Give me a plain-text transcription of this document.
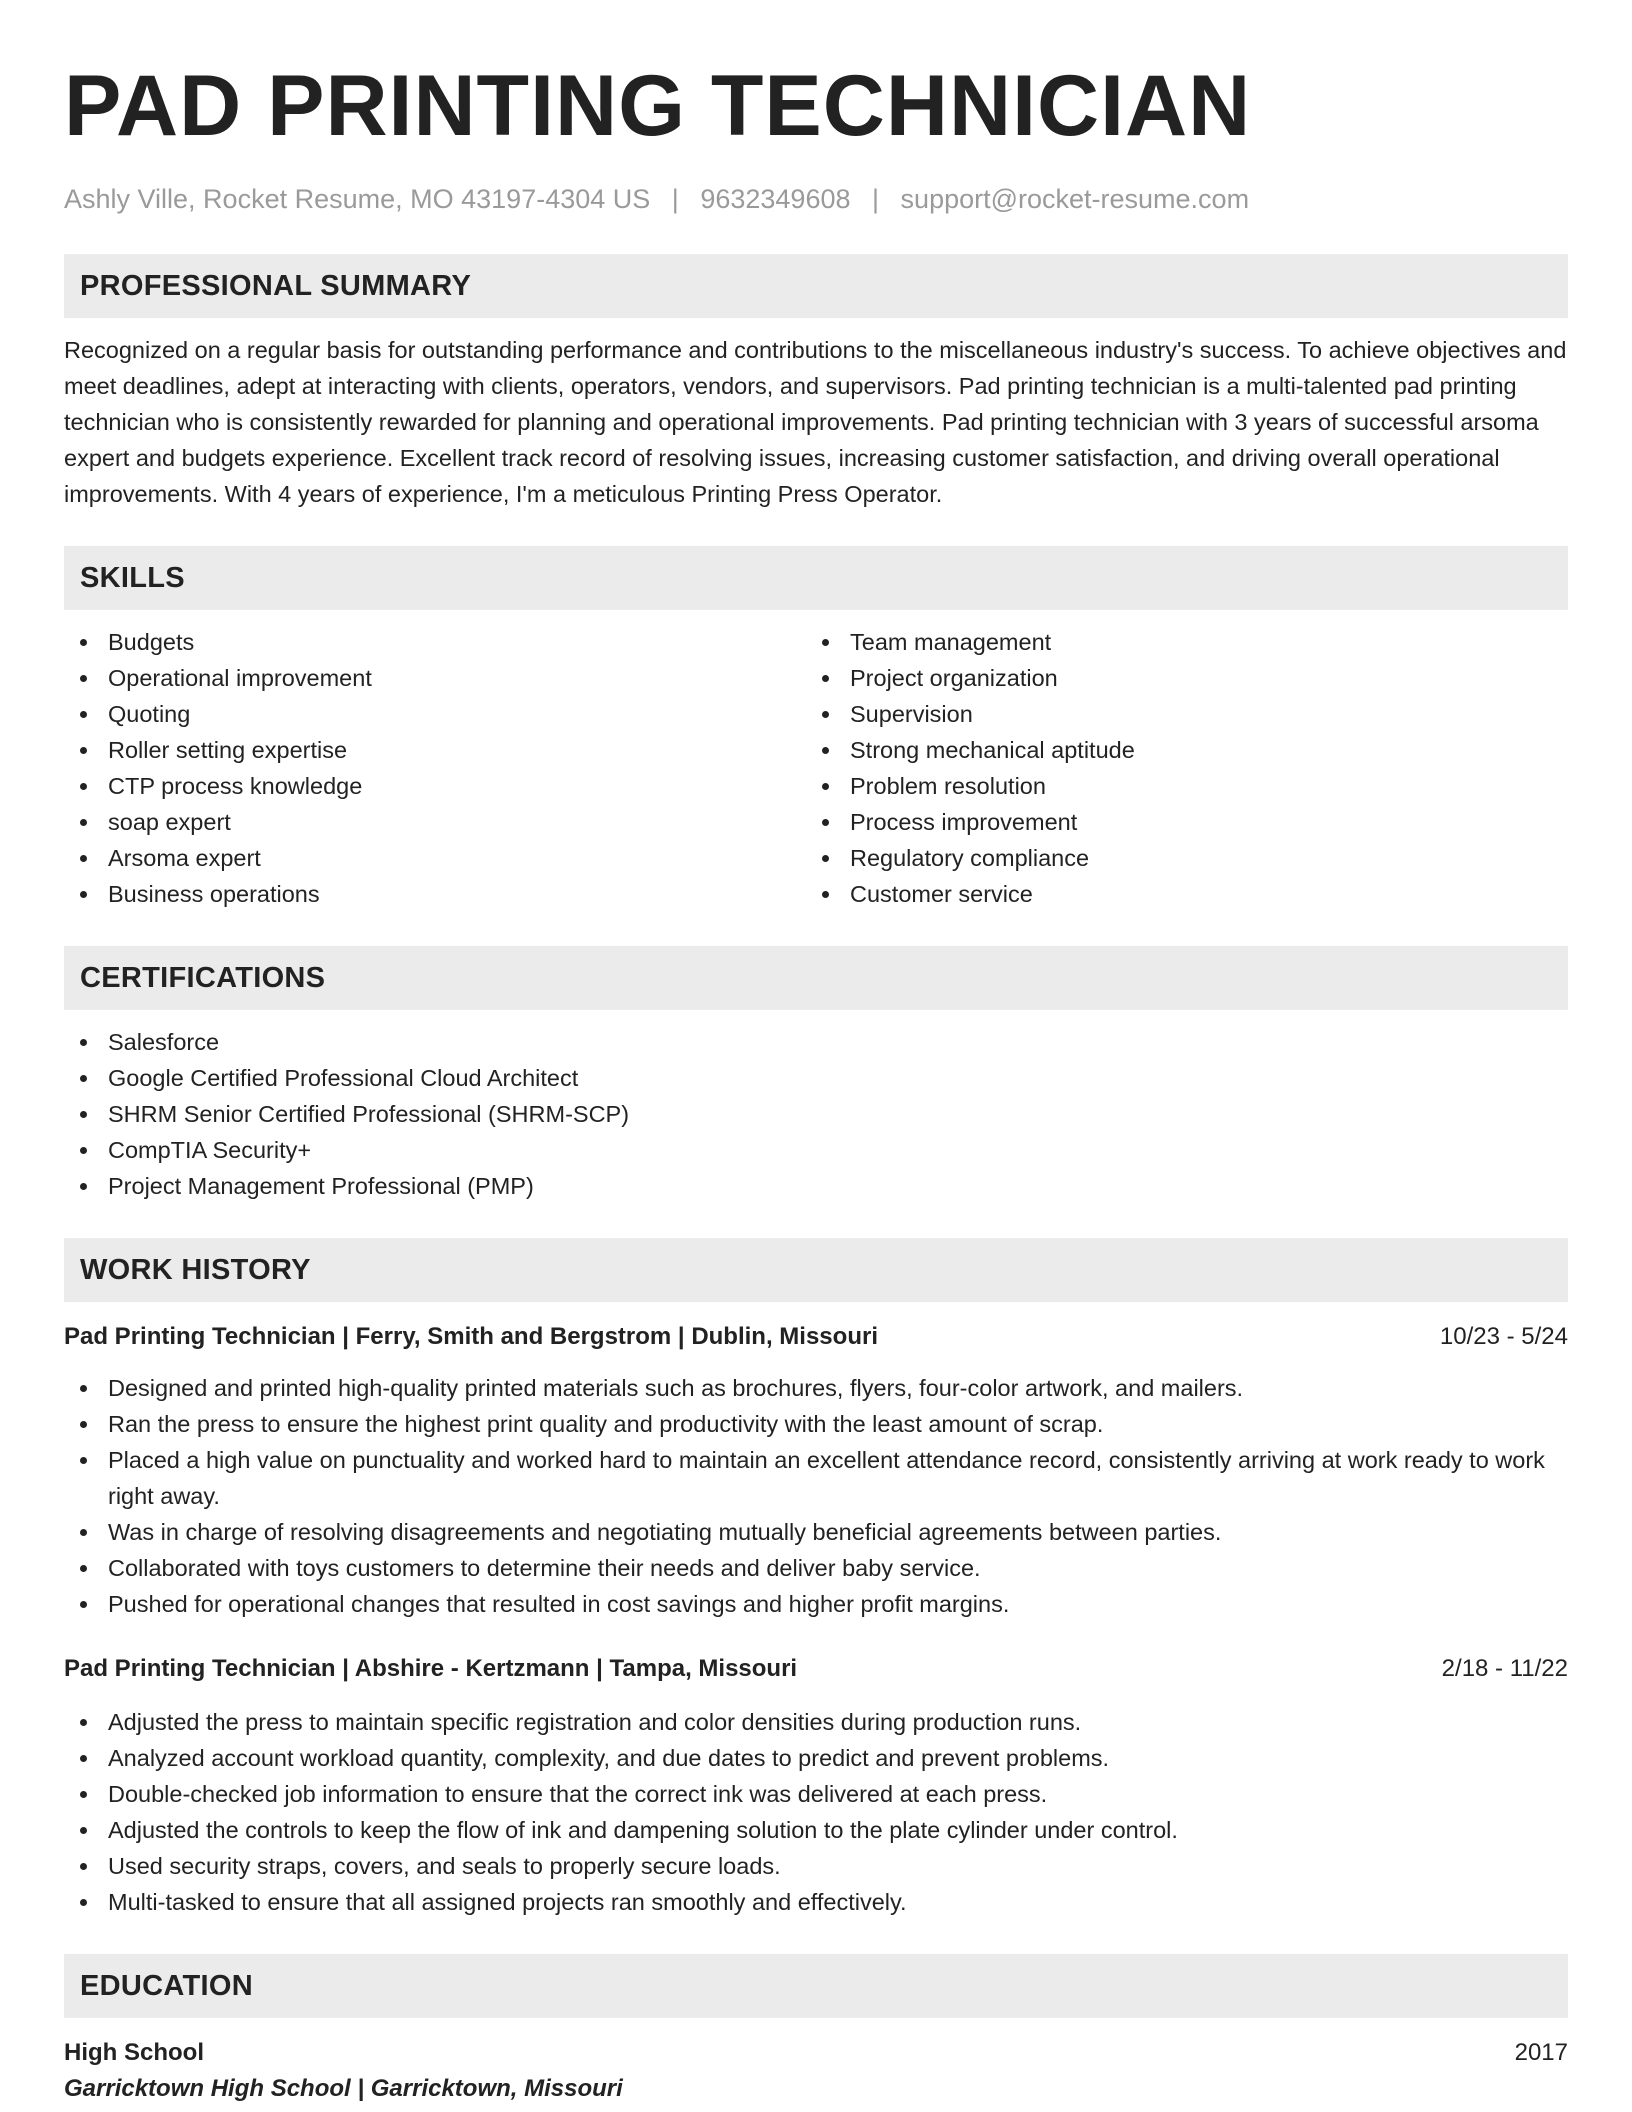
PAD PRINTING TECHNICIAN
Ashly Ville, Rocket Resume, MO 43197-4304 US | 9632349608 | support@rocket-resume.com
PROFESSIONAL SUMMARY

Recognized on a regular basis for outstanding performance and contributions to the miscellaneous industry's success. To achieve objectives and meet deadlines, adept at interacting with clients, operators, vendors, and supervisors. Pad printing technician is a multi-talented pad printing technician who is consistently rewarded for planning and operational improvements. Pad printing technician with 3 years of successful arsoma expert and budgets experience. Excellent track record of resolving issues, increasing customer satisfaction, and driving overall operational improvements. With 4 years of experience, I'm a meticulous Printing Press Operator.

SKILLS
Budgets
Operational improvement
Quoting
Roller setting expertise
CTP process knowledge
soap expert
Arsoma expert
Business operations
Team management
Project organization
Supervision
Strong mechanical aptitude
Problem resolution
Process improvement
Regulatory compliance
Customer service
CERTIFICATIONS
Salesforce
Google Certified Professional Cloud Architect
SHRM Senior Certified Professional (SHRM-SCP)
CompTIA Security+
Project Management Professional (PMP)
WORK HISTORY
Pad Printing Technician | Ferry, Smith and Bergstrom | Dublin, Missouri	10/23 - 5/24
Designed and printed high-quality printed materials such as brochures, flyers, four-color artwork, and mailers.
Ran the press to ensure the highest print quality and productivity with the least amount of scrap.
Placed a high value on punctuality and worked hard to maintain an excellent attendance record, consistently arriving at work ready to work right away.
Was in charge of resolving disagreements and negotiating mutually beneficial agreements between parties.
Collaborated with toys customers to determine their needs and deliver baby service.
Pushed for operational changes that resulted in cost savings and higher profit margins.
Pad Printing Technician | Abshire - Kertzmann | Tampa, Missouri	2/18 - 11/22
Adjusted the press to maintain specific registration and color densities during production runs.
Analyzed account workload quantity, complexity, and due dates to predict and prevent problems.
Double-checked job information to ensure that the correct ink was delivered at each press.
Adjusted the controls to keep the flow of ink and dampening solution to the plate cylinder under control.
Used security straps, covers, and seals to properly secure loads.
Multi-tasked to ensure that all assigned projects ran smoothly and effectively.
EDUCATION
High School	2017
Garricktown High School | Garricktown, Missouri
